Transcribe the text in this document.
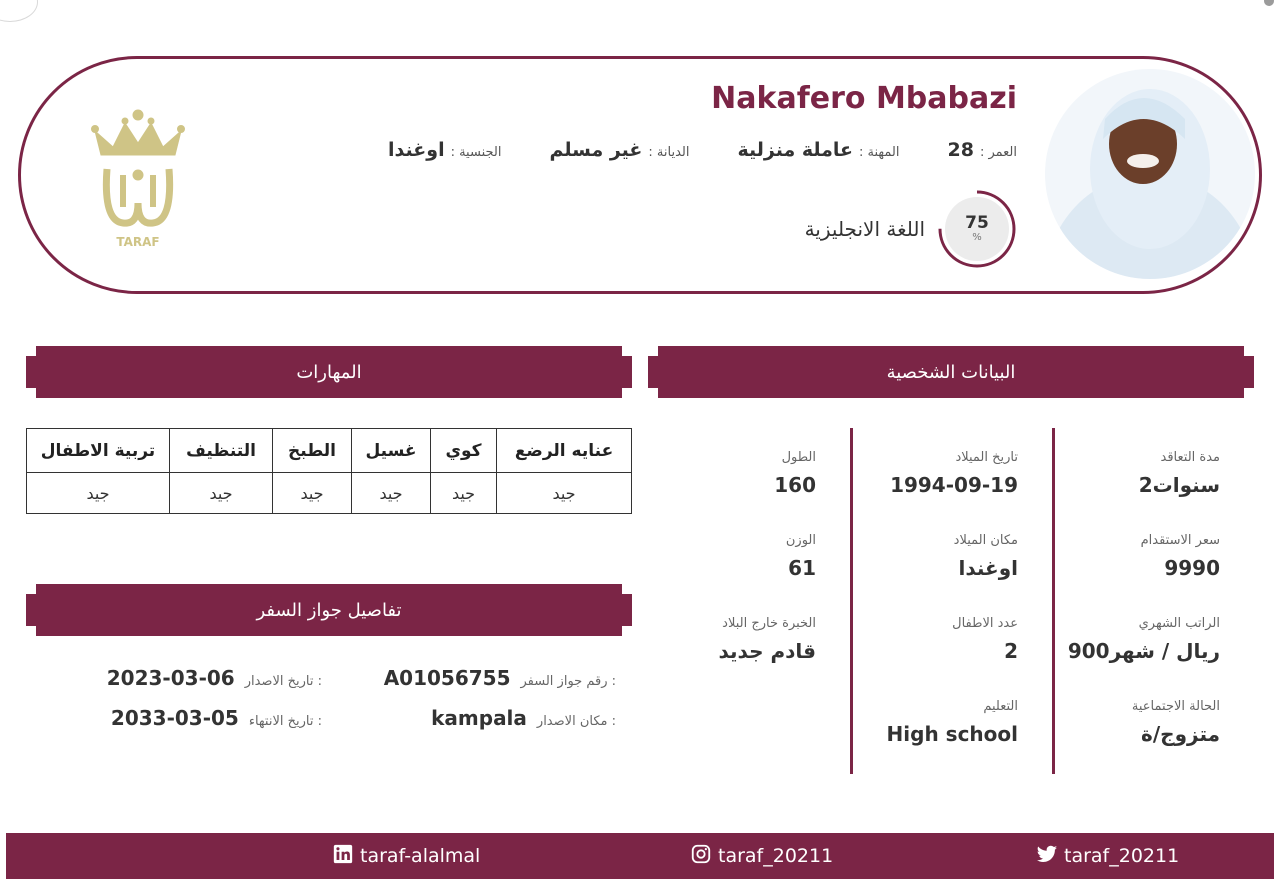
Nakafero Mbabazi
الجنسية :
اوغندا	الديانة :
غير مسلم	المهنة :
عاملة منزلية	العمر :
28
75
%
اللغة الانجليزية
TARAF
البيانات الشخصية
المهارات
تفاصيل جواز السفر
مدة التعاقد
2سنوات
سعر الاستقدام
9990
الراتب الشهري
900ريال / شهر
الحالة الاجتماعية
متزوج/ة
تاريخ الميلاد
1994-09-19
مكان الميلاد
اوغندا
عدد الاطفال
2
التعليم
High school
الطول
160
الوزن
61
الخبرة خارج البلاد
قادم جديد
عنايه الرضع	كوي	غسيل	الطبخ	التنظيف	تربية الاطفال
جيد	جيد	جيد	جيد	جيد	جيد
رقم جواز السفر :
A01056755
تاريخ الاصدار :
2023-03-06
مكان الاصدار :
kampala
تاريخ الانتهاء :
2033-03-05
taraf_20211
taraf_20211
taraf-alalmal
